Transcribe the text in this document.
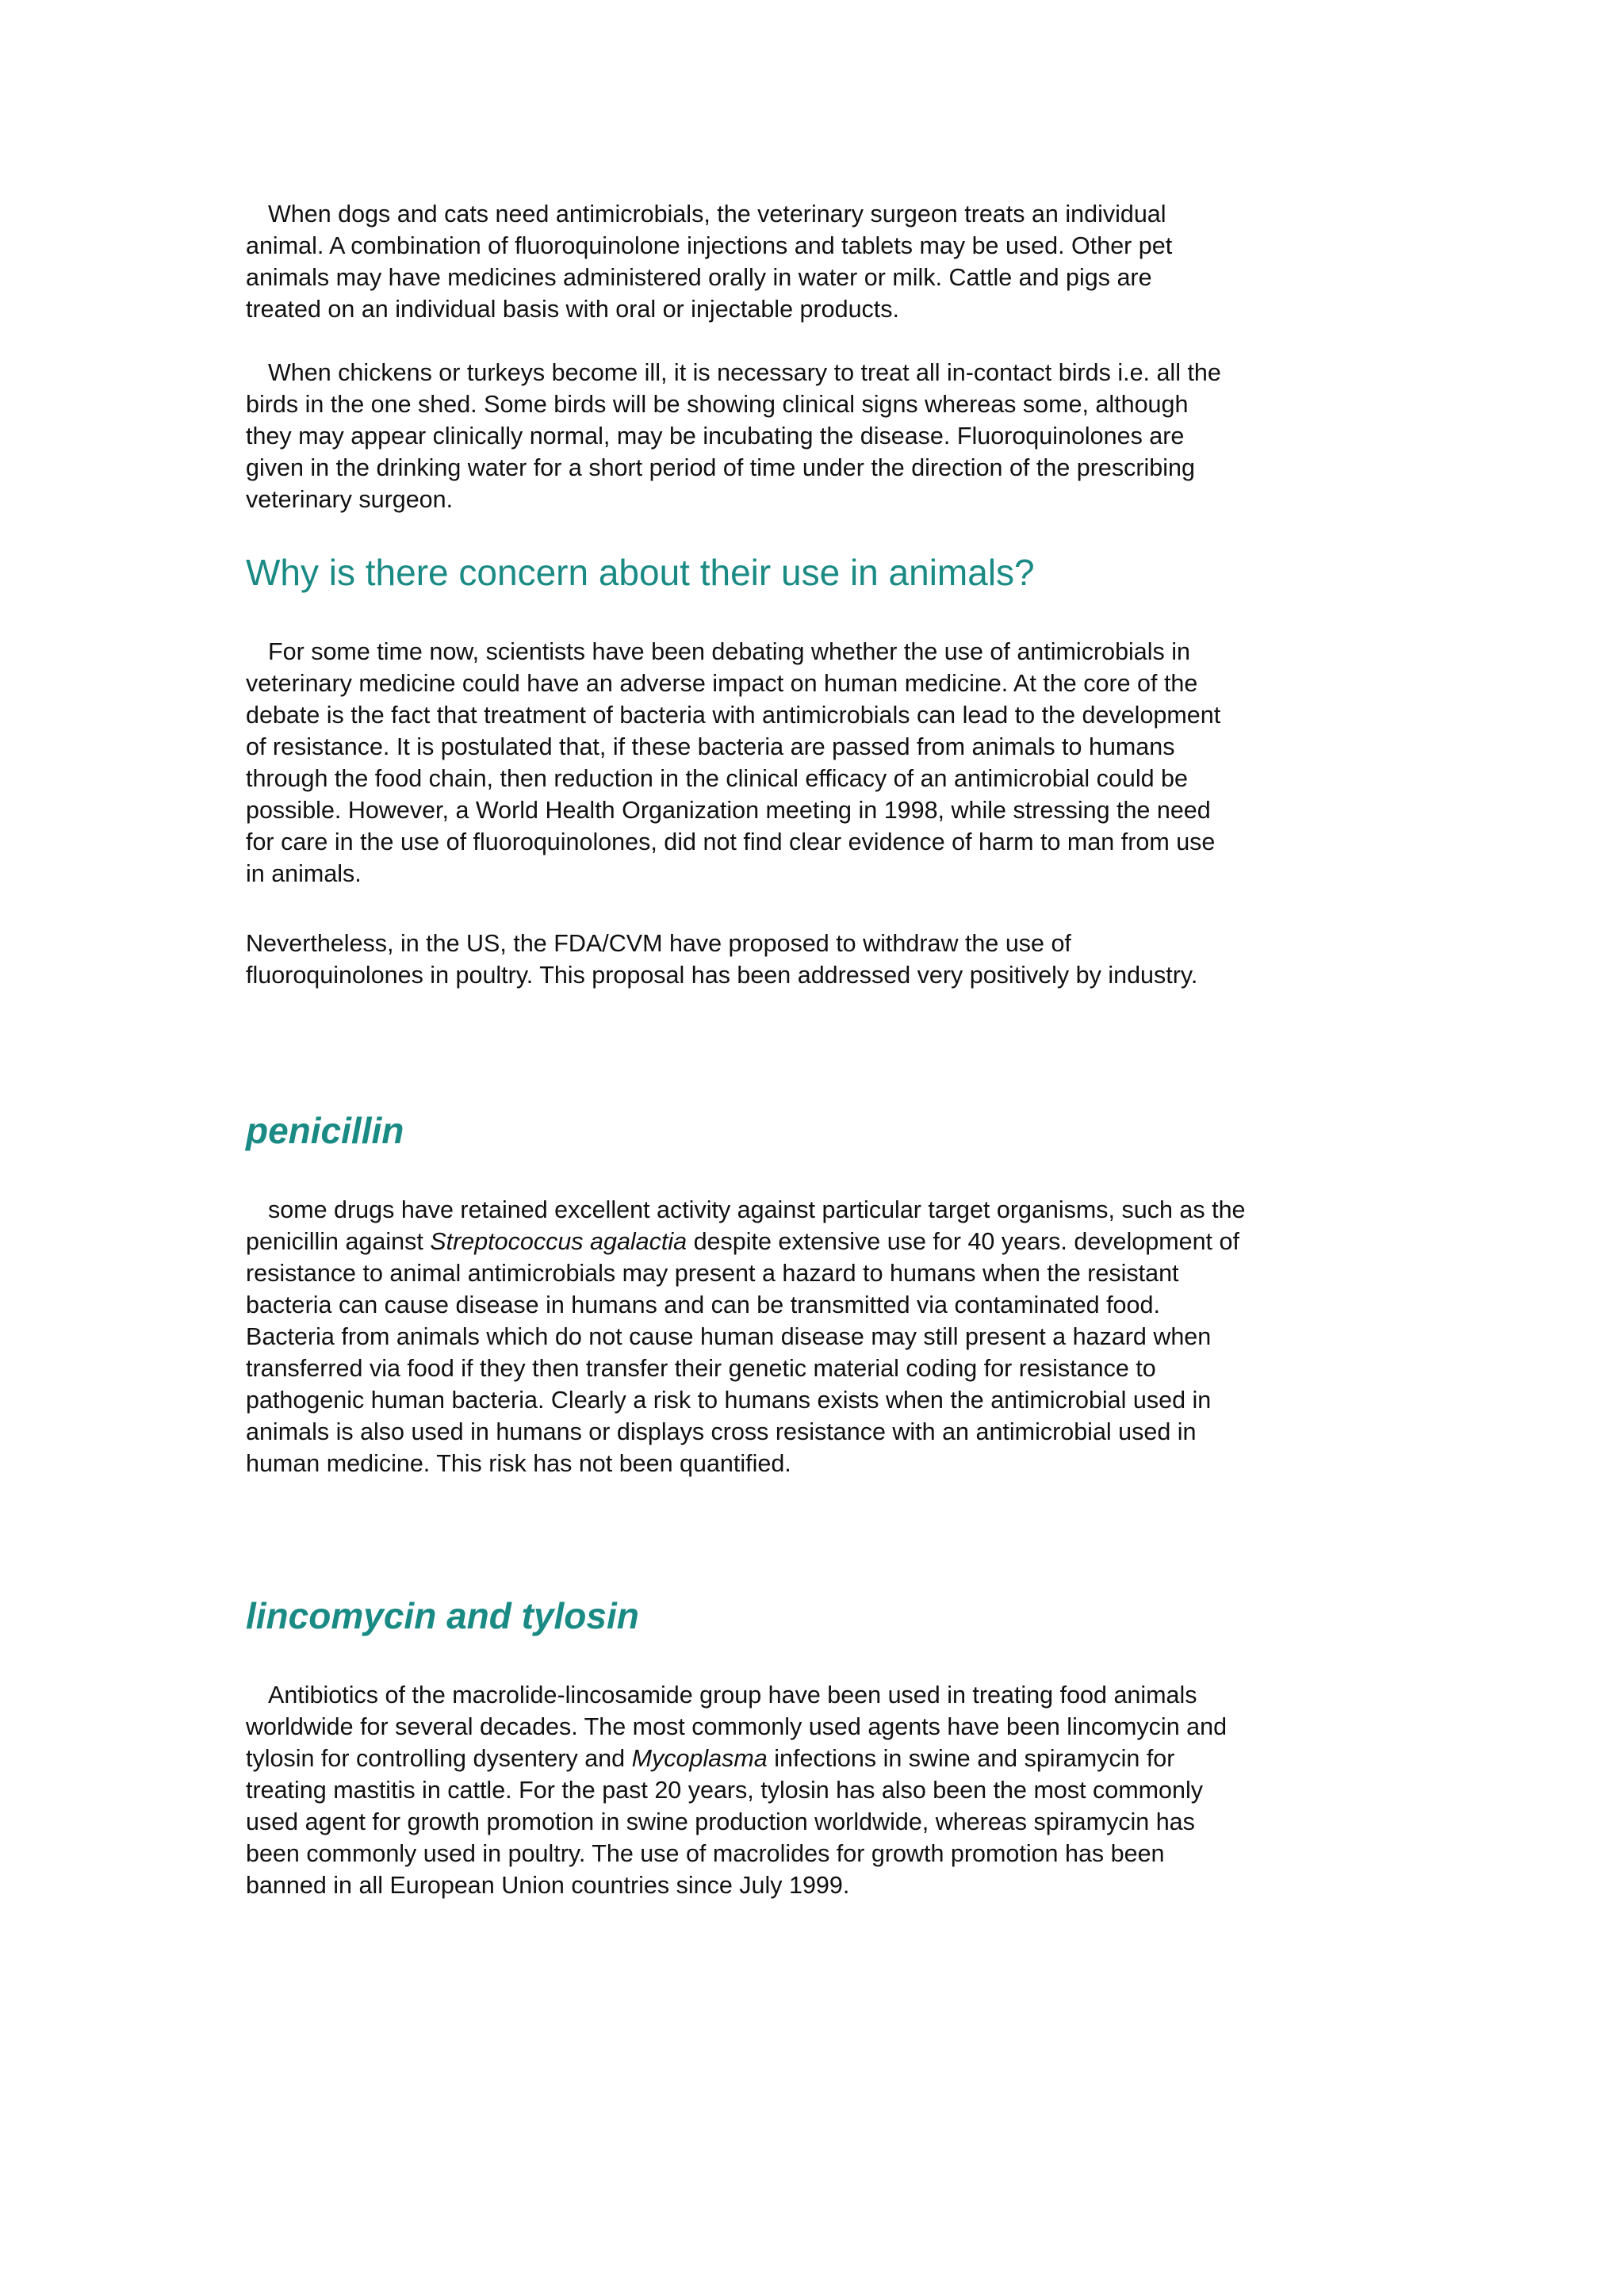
When dogs and cats need antimicrobials, the veterinary surgeon treats an individual
animal. A combination of fluoroquinolone injections and tablets may be used. Other pet
animals may have medicines administered orally in water or milk. Cattle and pigs are
treated on an individual basis with oral or injectable products.

When chickens or turkeys become ill, it is necessary to treat all in-contact birds i.e. all the
birds in the one shed. Some birds will be showing clinical signs whereas some, although
they may appear clinically normal, may be incubating the disease. Fluoroquinolones are
given in the drinking water for a short period of time under the direction of the prescribing
veterinary surgeon.

Why is there concern about their use in animals?

For some time now, scientists have been debating whether the use of antimicrobials in
veterinary medicine could have an adverse impact on human medicine. At the core of the
debate is the fact that treatment of bacteria with antimicrobials can lead to the development
of resistance. It is postulated that, if these bacteria are passed from animals to humans
through the food chain, then reduction in the clinical efficacy of an antimicrobial could be
possible. However, a World Health Organization meeting in 1998, while stressing the need
for care in the use of fluoroquinolones, did not find clear evidence of harm to man from use
in animals.

Nevertheless, in the US, the FDA/CVM have proposed to withdraw the use of
fluoroquinolones in poultry. This proposal has been addressed very positively by industry.

penicillin

some drugs have retained excellent activity against particular target organisms, such as the
penicillin against Streptococcus agalactia despite extensive use for 40 years. development of
resistance to animal antimicrobials may present a hazard to humans when the resistant
bacteria can cause disease in humans and can be transmitted via contaminated food.
Bacteria from animals which do not cause human disease may still present a hazard when
transferred via food if they then transfer their genetic material coding for resistance to
pathogenic human bacteria. Clearly a risk to humans exists when the antimicrobial used in
animals is also used in humans or displays cross resistance with an antimicrobial used in
human medicine. This risk has not been quantified.

lincomycin and tylosin

Antibiotics of the macrolide-lincosamide group have been used in treating food animals
worldwide for several decades. The most commonly used agents have been lincomycin and
tylosin for controlling dysentery and Mycoplasma infections in swine and spiramycin for
treating mastitis in cattle. For the past 20 years, tylosin has also been the most commonly
used agent for growth promotion in swine production worldwide, whereas spiramycin has
been commonly used in poultry. The use of macrolides for growth promotion has been
banned in all European Union countries since July 1999.
